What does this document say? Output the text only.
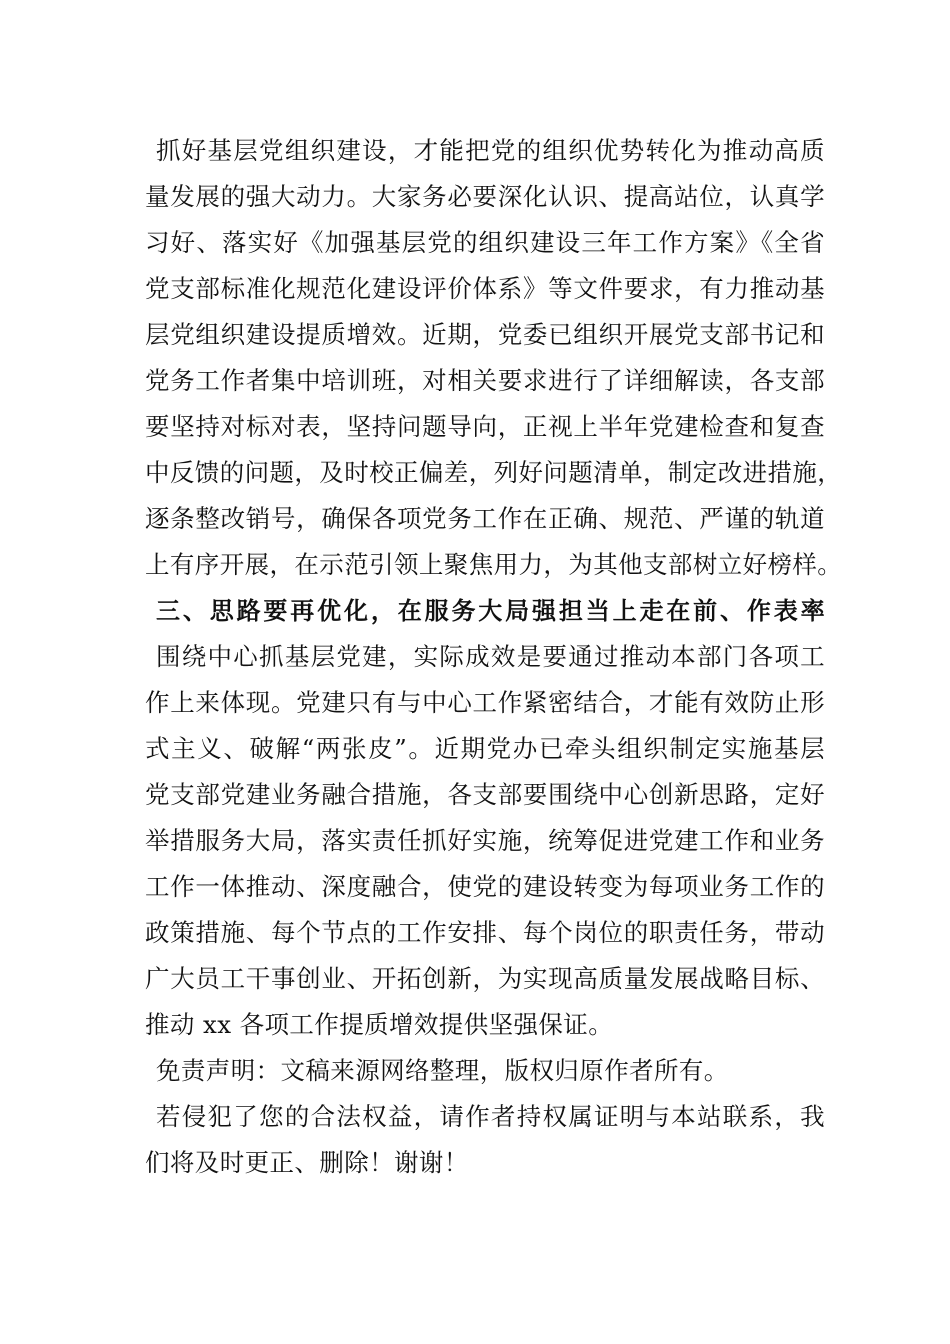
抓好基层党组织建设，才能把党的组织优势转化为推动高质
量发展的强大动力。大家务必要深化认识、提高站位，认真学
习好、落实好《加强基层党的组织建设三年工作方案》《全省
党支部标准化规范化建设评价体系》等文件要求，有力推动基
层党组织建设提质增效。近期，党委已组织开展党支部书记和
党务工作者集中培训班，对相关要求进行了详细解读，各支部
要坚持对标对表，坚持问题导向，正视上半年党建检查和复查
中反馈的问题，及时校正偏差，列好问题清单，制定改进措施，
逐条整改销号，确保各项党务工作在正确、规范、严谨的轨道
上有序开展，在示范引领上聚焦用力，为其他支部树立好榜样。
三、思路要再优化，在服务大局强担当上走在前、作表率
围绕中心抓基层党建，实际成效是要通过推动本部门各项工
作上来体现。党建只有与中心工作紧密结合，才能有效防止形
式主义、破解“两张皮”。近期党办已牵头组织制定实施基层
党支部党建业务融合措施，各支部要围绕中心创新思路，定好
举措服务大局，落实责任抓好实施，统筹促进党建工作和业务
工作一体推动、深度融合，使党的建设转变为每项业务工作的
政策措施、每个节点的工作安排、每个岗位的职责任务，带动
广大员工干事创业、开拓创新，为实现高质量发展战略目标、
推动 xx 各项工作提质增效提供坚强保证。
免责声明：文稿来源网络整理，版权归原作者所有。
若侵犯了您的合法权益，请作者持权属证明与本站联系，我
们将及时更正、删除！谢谢！
